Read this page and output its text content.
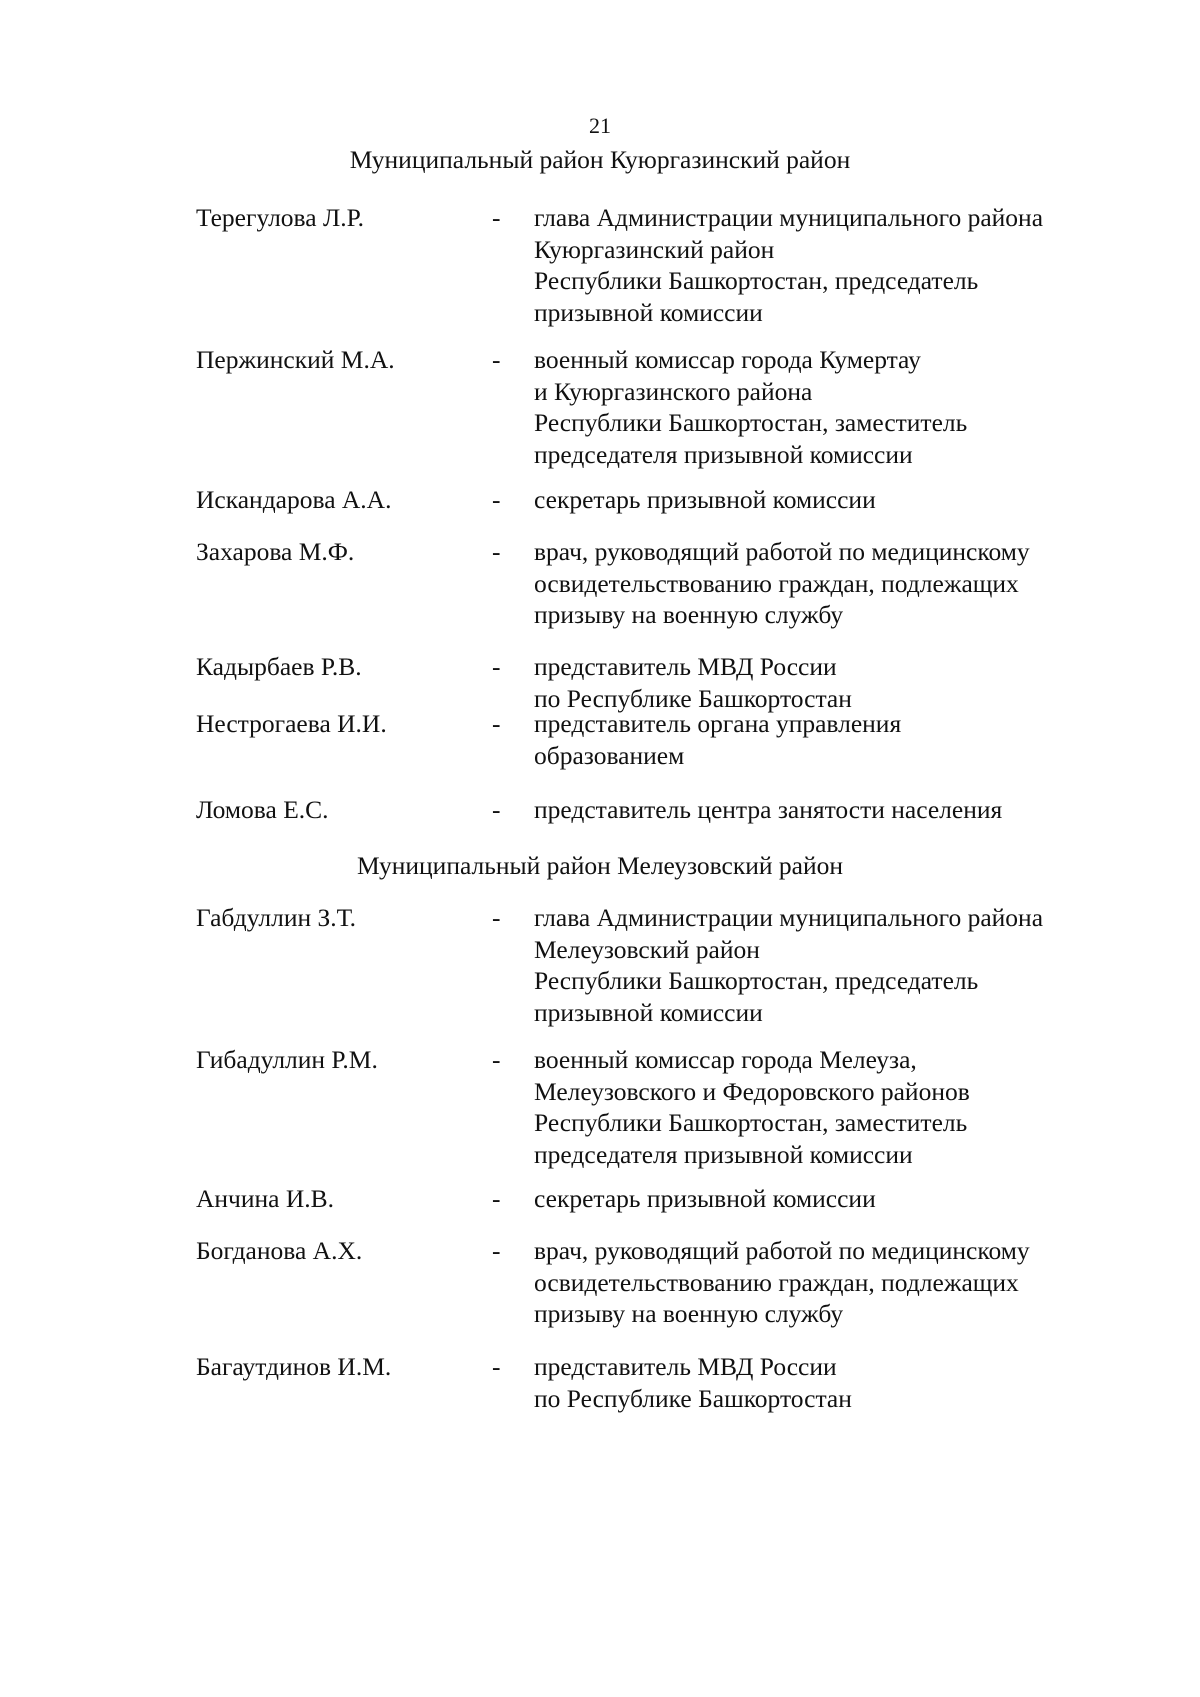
21
Муниципальный район Куюргазинский район
Терегулова Л.Р.	- глава Администрации муниципального района
Куюргазинский район
Республики Башкортостан, председатель
призывной комиссии
Пержинский М.А.	- военный комиссар города Кумертау
и Куюргазинского района
Республики Башкортостан, заместитель
председателя призывной комиссии
Искандарова А.А.	- секретарь призывной комиссии
Захарова М.Ф.	- врач, руководящий работой по медицинскому
освидетельствованию граждан, подлежащих
призыву на военную службу
Кадырбаев Р.В.	- представитель МВД России
по Республике Башкортостан
Нестрогаева И.И.	- представитель органа управления
образованием
Ломова Е.С.	- представитель центра занятости населения
Муниципальный район Мелеузовский район
Габдуллин З.Т.	- глава Администрации муниципального района
Мелеузовский район
Республики Башкортостан, председатель
призывной комиссии
Гибадуллин Р.М.	- военный комиссар города Мелеуза,
Мелеузовского и Федоровского районов
Республики Башкортостан, заместитель
председателя призывной комиссии
Анчина И.В.	- секретарь призывной комиссии
Богданова А.Х.	- врач, руководящий работой по медицинскому
освидетельствованию граждан, подлежащих
призыву на военную службу
Багаутдинов И.М.	- представитель МВД России
по Республике Башкортостан
